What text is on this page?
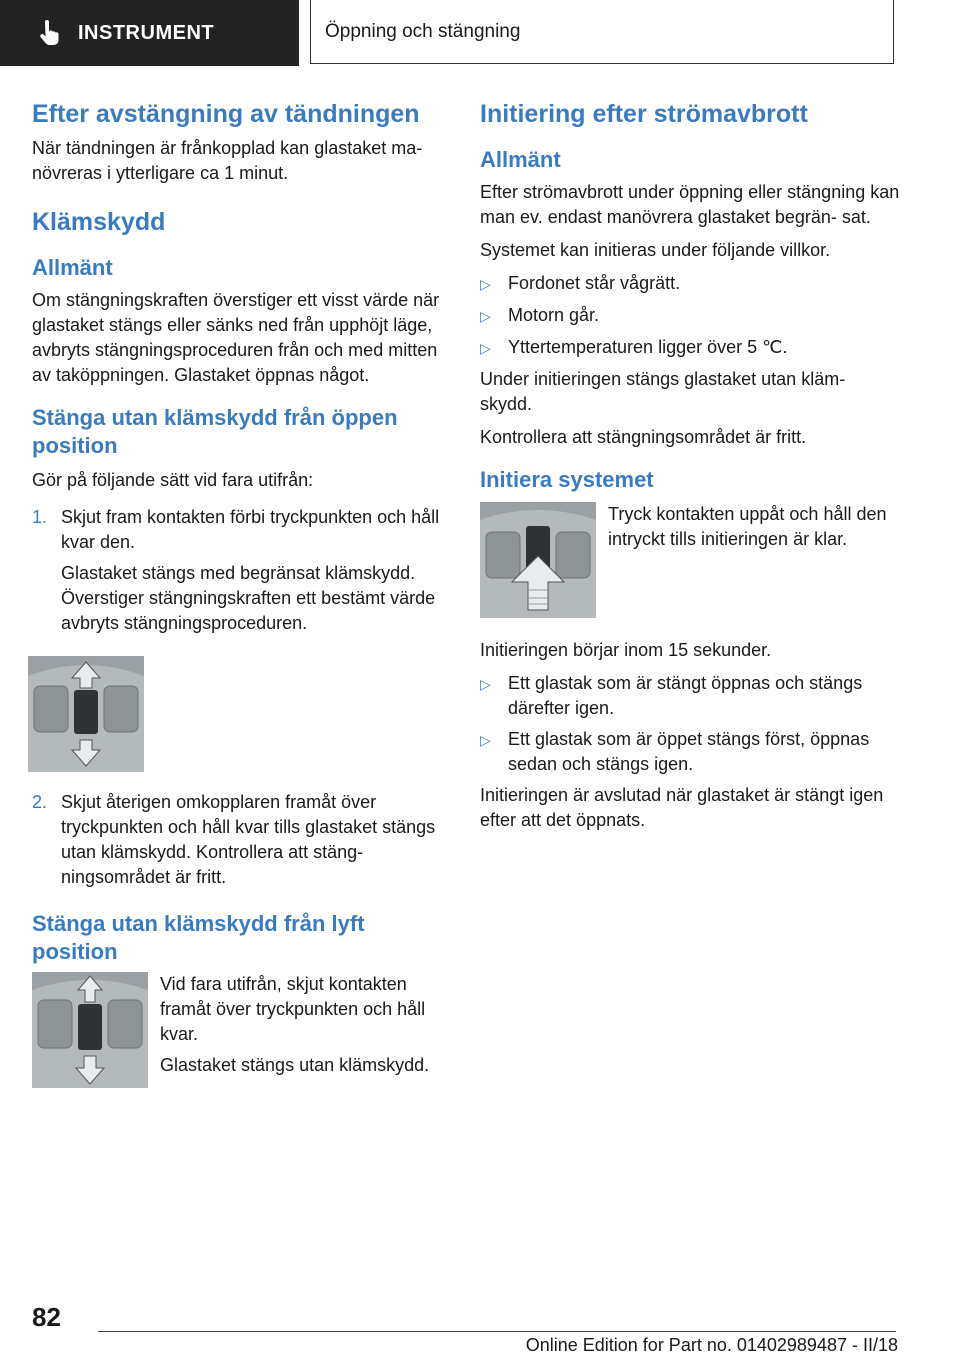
INSTRUMENT	Öppning och stängning
Efter avstängning av tändningen

När tändningen är frånkopplad kan glastaket ma‐ növreras i ytterligare ca 1 minut.

Klämskydd
Allmänt

Om stängningskraften överstiger ett visst värde när glastaket stängs eller sänks ned från upphöjt läge, avbryts stängningsproceduren från och med mitten av taköppningen. Glastaket öppnas något.

Stänga utan klämskydd från öppen position

Gör på följande sätt vid fara utifrån:

1. Skjut fram kontakten förbi tryckpunkten och håll kvar den.

Glastaket stängs med begränsat klämskydd. Överstiger stängningskraften ett bestämt värde avbryts stängningsproceduren.

2. Skjut återigen omkopplaren framåt över tryckpunkten och håll kvar tills glastaket stängs utan klämskydd. Kontrollera att stäng‐ ningsområdet är fritt.
Stänga utan klämskydd från lyft position

Vid fara utifrån, skjut kontakten framåt över tryckpunkten och håll kvar.

Glastaket stängs utan klämskydd.

Initiering efter strömavbrott
Allmänt

Efter strömavbrott under öppning eller stängning kan man ev. endast manövrera glastaket begrän‐ sat.

Systemet kan initieras under följande villkor.

▷ Fordonet står vågrätt.
▷ Motorn går.
▷ Yttertemperaturen ligger över 5 ℃.

Under initieringen stängs glastaket utan kläm‐ skydd.

Kontrollera att stängningsområdet är fritt.

Initiera systemet

Tryck kontakten uppåt och håll den intryckt tills initieringen är klar.

Initieringen börjar inom 15 sekunder.

▷ Ett glastak som är stängt öppnas och stängs därefter igen.
▷ Ett glastak som är öppet stängs först, öppnas sedan och stängs igen.

Initieringen är avslutad när glastaket är stängt igen efter att det öppnats.

82
Online Edition for Part no. 01402989487 - II/18
